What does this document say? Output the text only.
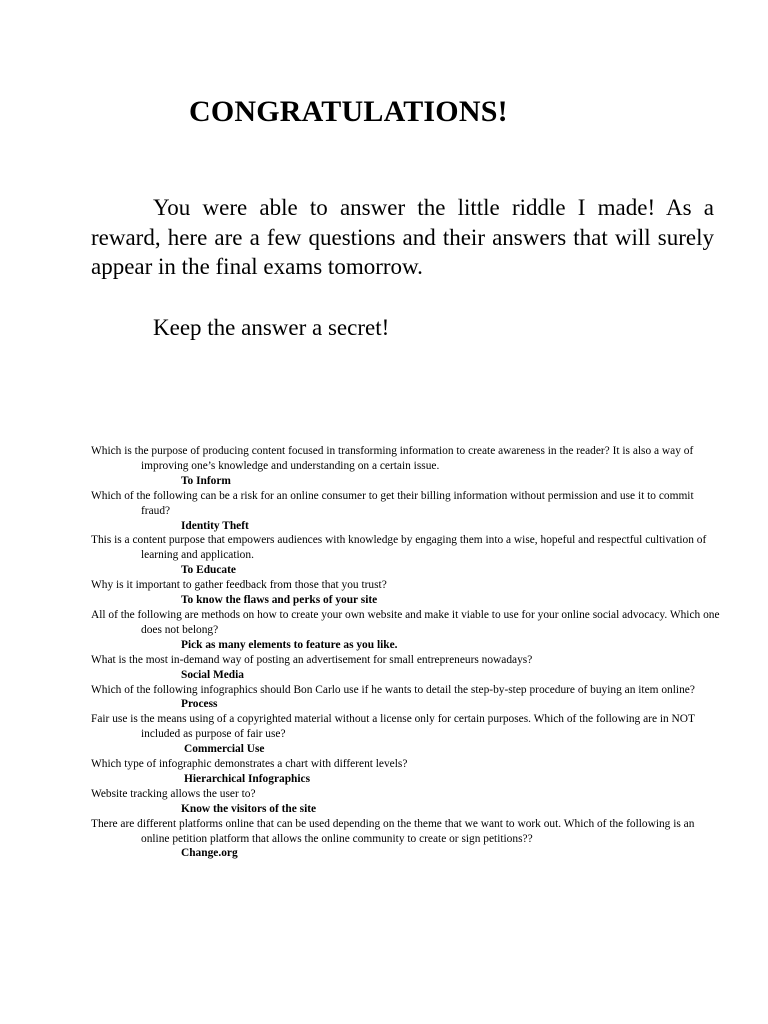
CONGRATULATIONS!

You were able to answer the little riddle I made! As a reward, here are a few questions and their answers that will surely appear in the final exams tomorrow.

Keep the answer a secret!

Which is the purpose of producing content focused in transforming information to create awareness in the reader? It is also a way of improving one’s knowledge and understanding on a certain issue.

To Inform

Which of the following can be a risk for an online consumer to get their billing information without permission and use it to commit fraud?

Identity Theft

This is a content purpose that empowers audiences with knowledge by engaging them into a wise, hopeful and respectful cultivation of learning and application.

To Educate

Why is it important to gather feedback from those that you trust?

To know the flaws and perks of your site

All of the following are methods on how to create your own website and make it viable to use for your online social advocacy. Which one does not belong?

Pick as many elements to feature as you like.

What is the most in-demand way of posting an advertisement for small entrepreneurs nowadays?

Social Media

Which of the following infographics should Bon Carlo use if he wants to detail the step-by-step procedure of buying an item online?

Process

Fair use is the means using of a copyrighted material without a license only for certain purposes. Which of the following are in NOT included as purpose of fair use?

Commercial Use

Which type of infographic demonstrates a chart with different levels?

Hierarchical Infographics

Website tracking allows the user to?

Know the visitors of the site

There are different platforms online that can be used depending on the theme that we want to work out. Which of the following is an online petition platform that allows the online community to create or sign petitions??

Change.org
